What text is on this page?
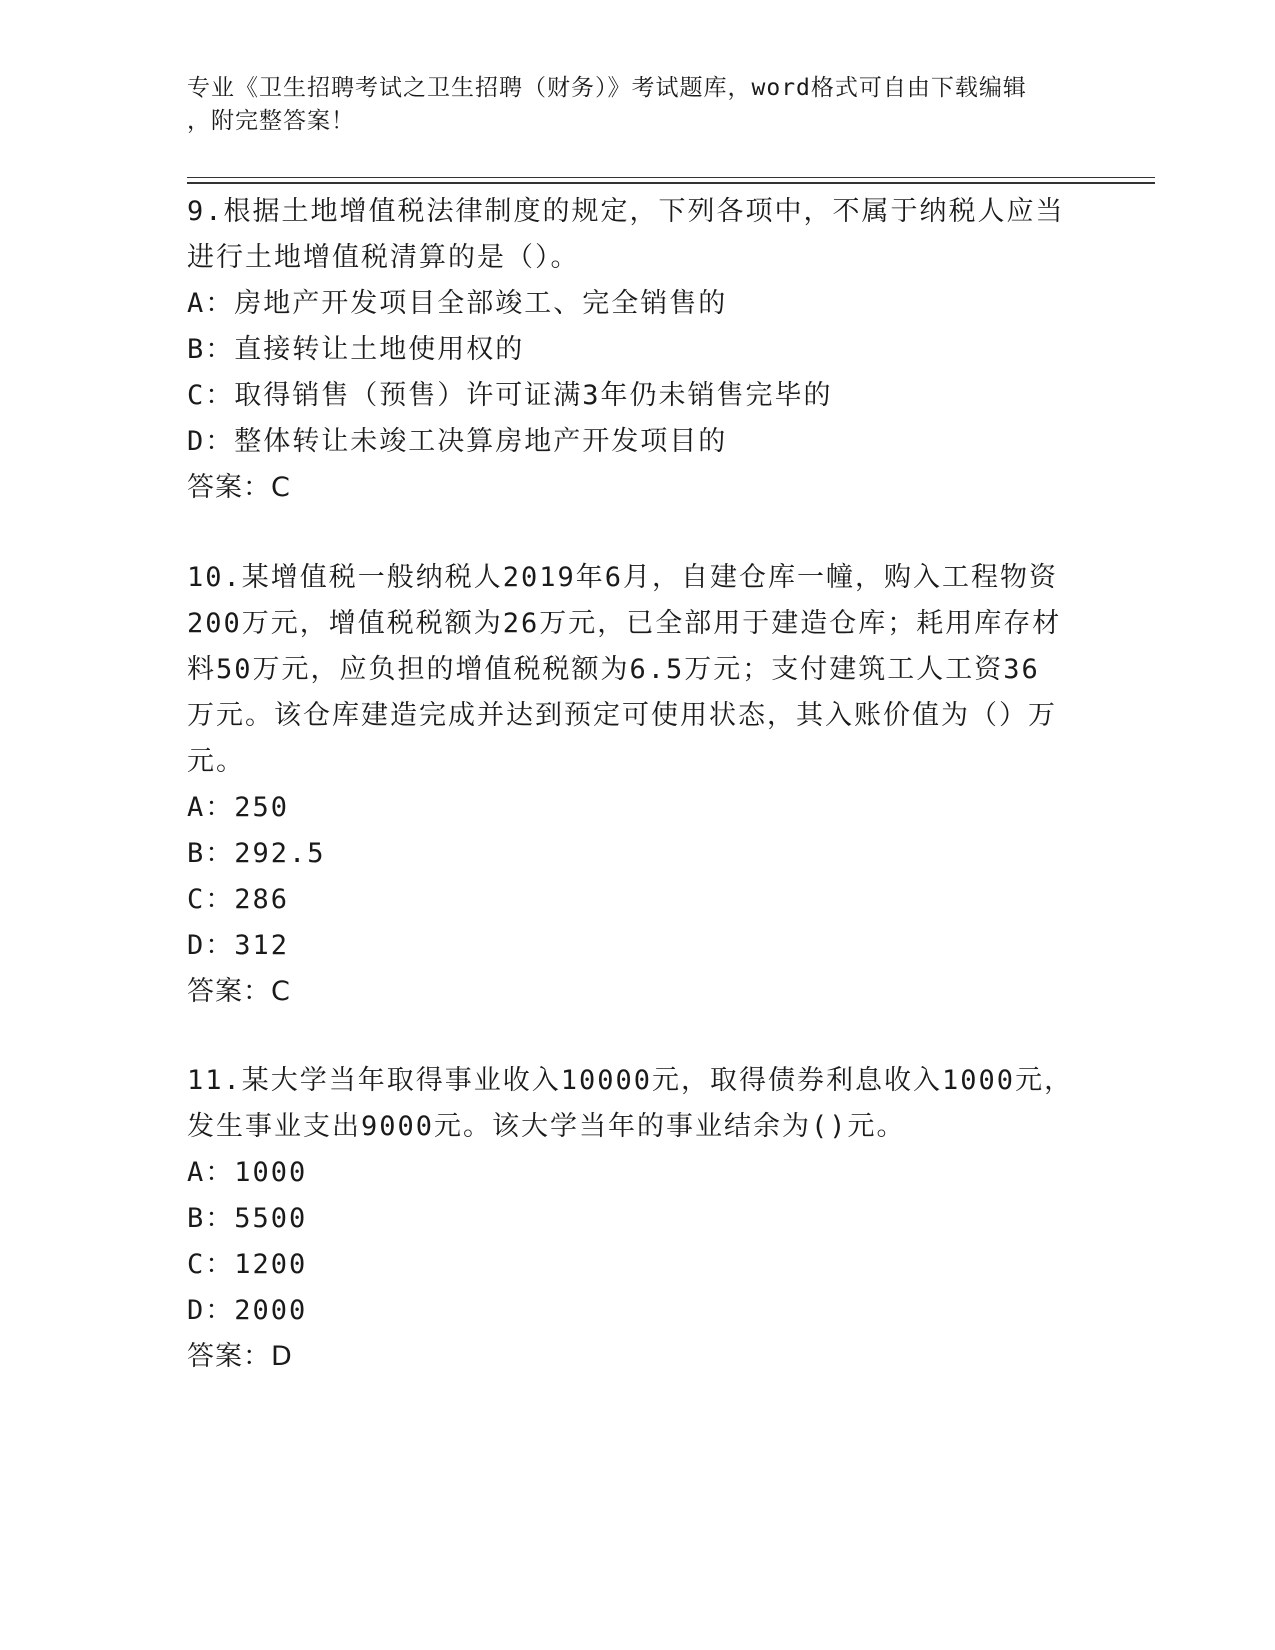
专业《卫生招聘考试之卫生招聘（财务）》考试题库，word格式可自由下载编辑
，附完整答案！
9.根据土地增值税法律制度的规定，下列各项中，不属于纳税人应当
进行土地增值税清算的是（）。
A：房地产开发项目全部竣工、完全销售的
B：直接转让土地使用权的
C：取得销售（预售）许可证满3年仍未销售完毕的
D：整体转让未竣工决算房地产开发项目的
答案：C
10.某增值税一般纳税人2019年6月，自建仓库一幢，购入工程物资
200万元，增值税税额为26万元，已全部用于建造仓库；耗用库存材
料50万元，应负担的增值税税额为6.5万元；支付建筑工人工资36
万元。该仓库建造完成并达到预定可使用状态，其入账价值为（）万
元。
A：250
B：292.5
C：286
D：312
答案：C
11.某大学当年取得事业收入10000元，取得债券利息收入1000元，
发生事业支出9000元。该大学当年的事业结余为()元。
A：1000
B：5500
C：1200
D：2000
答案：D
